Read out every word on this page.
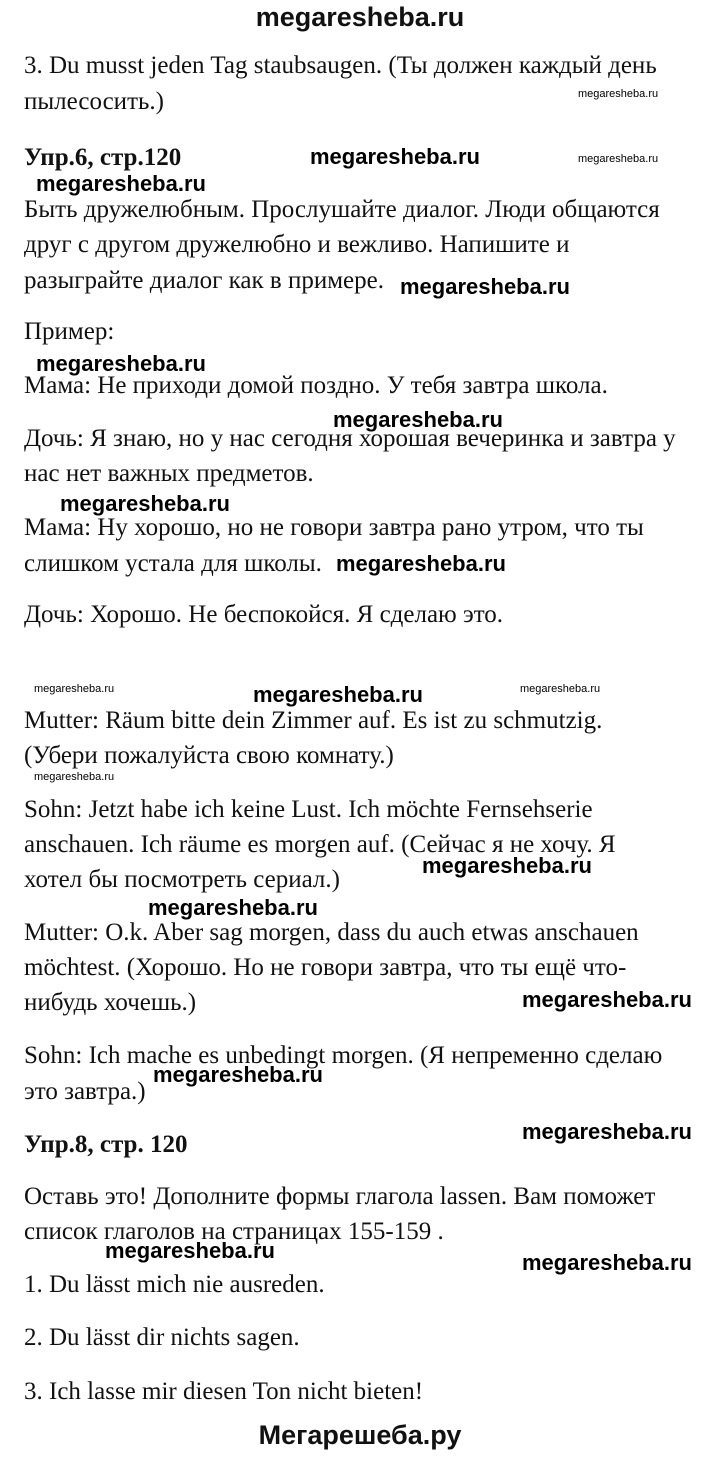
megaresheba.ru
3. Du musst jeden Tag staubsaugen. (Ты должен каждый день
пылесосить.)
Упр.6, стр.120
Быть дружелюбным. Прослушайте диалог. Люди общаются
друг с другом дружелюбно и вежливо. Напишите и
разыграйте диалог как в примере.
Пример:
Мама: Не приходи домой поздно. У тебя завтра школа.
Дочь: Я знаю, но у нас сегодня хорошая вечеринка и завтра у
нас нет важных предметов.
Мама: Ну хорошо, но не говори завтра рано утром, что ты
слишком устала для школы.
Дочь: Хорошо. Не беспокойся. Я сделаю это.
Mutter: Räum bitte dein Zimmer auf. Es ist zu schmutzig.
(Убери пожалуйста свою комнату.)
Sohn: Jetzt habe ich keine Lust. Ich möchte Fernsehserie
anschauen. Ich räume es morgen auf. (Сейчас я не хочу. Я
хотел бы посмотреть сериал.)
Mutter: O.k. Aber sag morgen, dass du auch etwas anschauen
möchtest. (Хорошо. Но не говори завтра, что ты ещё что-
нибудь хочешь.)
Sohn: Ich mache es unbedingt morgen. (Я непременно сделаю
это завтра.)
Упр.8, стр. 120
Оставь это! Дополните формы глагола lassen. Вам поможет
список глаголов на страницах 155-159 .
1. Du lässt mich nie ausreden.
2. Du lässt dir nichts sagen.
3. Ich lasse mir diesen Ton nicht bieten!
megaresheba.ru
megaresheba.ru	megaresheba.ru
megaresheba.ru
megaresheba.ru
megaresheba.ru
megaresheba.ru
megaresheba.ru
megaresheba.ru
megaresheba.ru	megaresheba.ru	megaresheba.ru
megaresheba.ru
megaresheba.ru
megaresheba.ru
megaresheba.ru
megaresheba.ru
megaresheba.ru
megaresheba.ru	megaresheba.ru
Мегарешеба.ру
